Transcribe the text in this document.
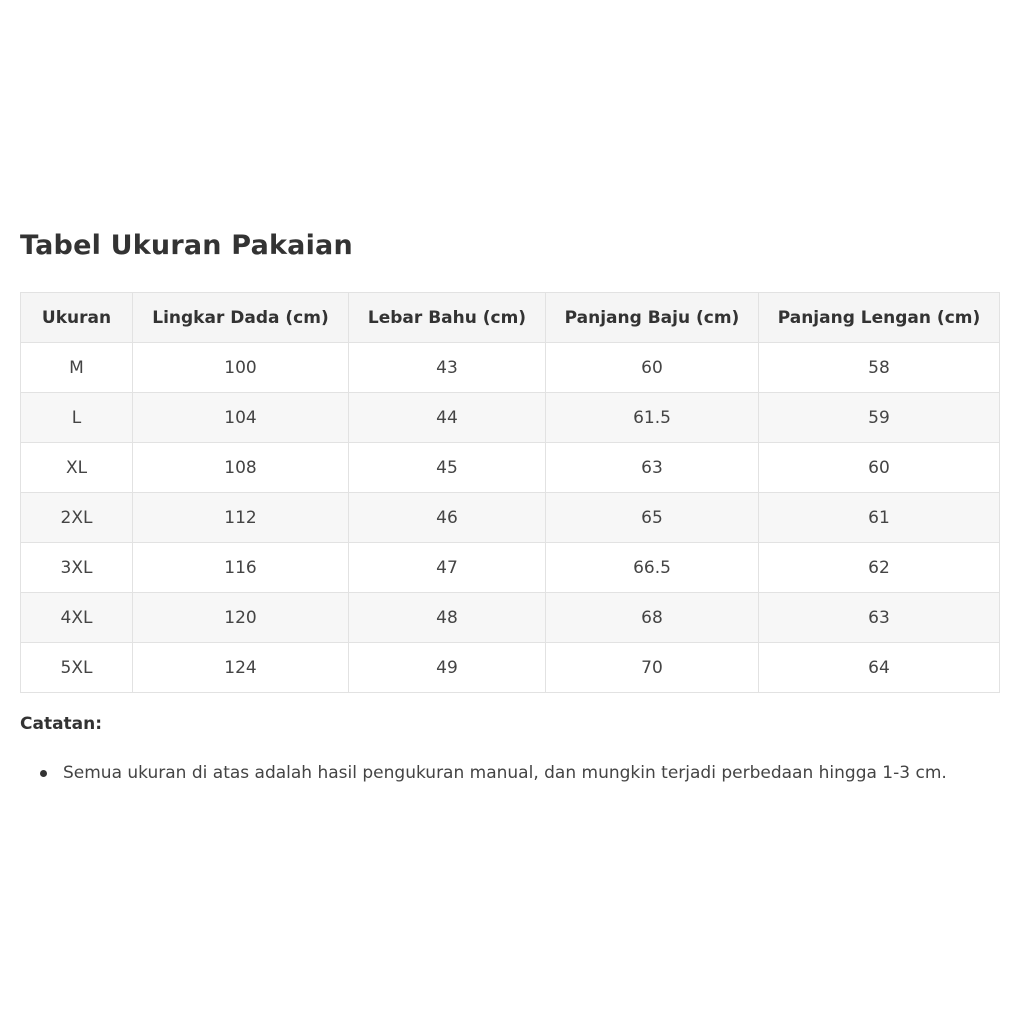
Tabel Ukuran Pakaian
Ukuran	Lingkar Dada (cm)	Lebar Bahu (cm)	Panjang Baju (cm)	Panjang Lengan (cm)
M	100	43	60	58
L	104	44	61.5	59
XL	108	45	63	60
2XL	112	46	65	61
3XL	116	47	66.5	62
4XL	120	48	68	63
5XL	124	49	70	64
Catatan:
Semua ukuran di atas adalah hasil pengukuran manual, dan mungkin terjadi perbedaan hingga 1-3 cm.
